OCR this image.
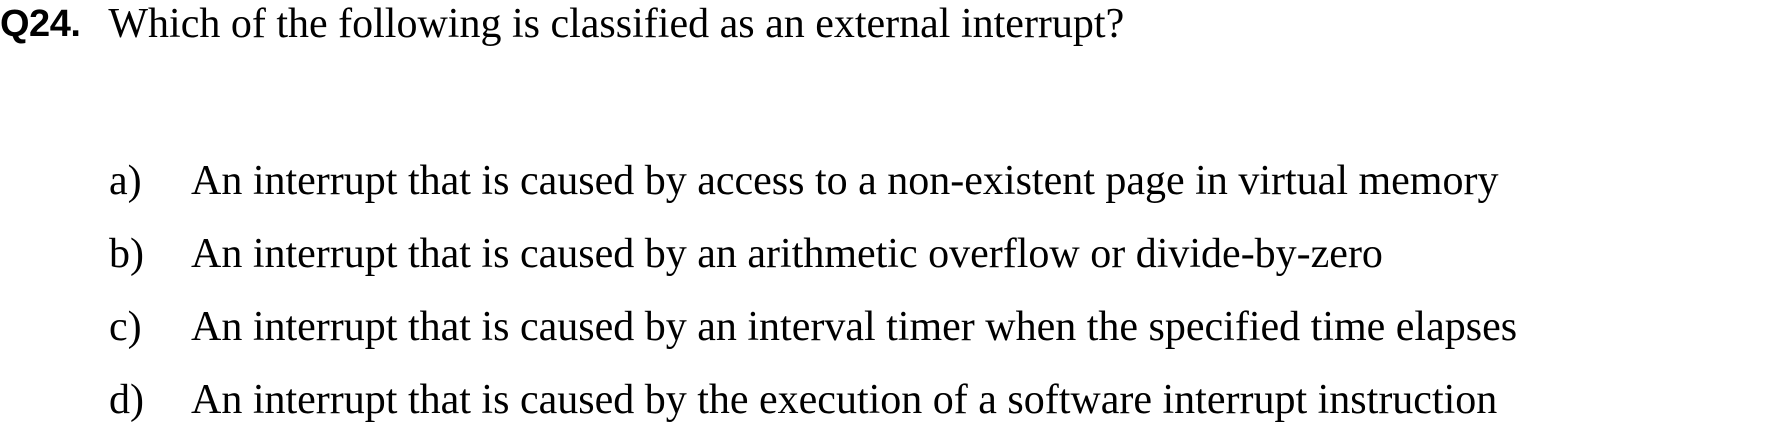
Q24. Which of the following is classified as an external interrupt?
a)	An interrupt that is caused by access to a non-existent page in virtual memory
b)	An interrupt that is caused by an arithmetic overflow or divide-by-zero
c)	An interrupt that is caused by an interval timer when the specified time elapses
d)	An interrupt that is caused by the execution of a software interrupt instruction
